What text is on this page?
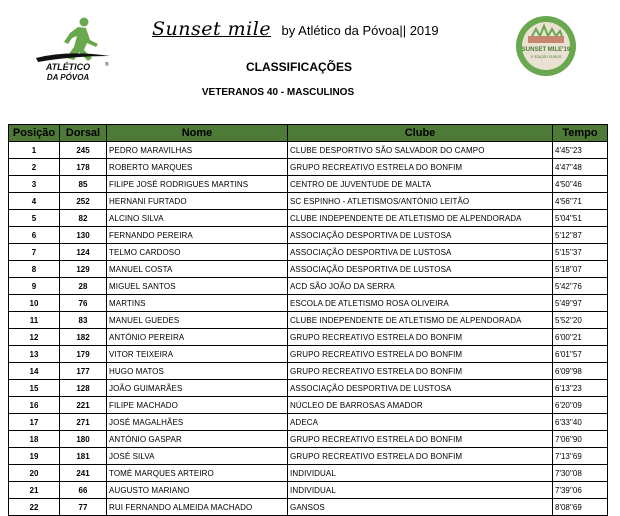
ATLÉTICO
DA PÓVOA
®
Sunset mile by Atlético da Póvoa|| 2019
CLASSIFICAÇÕES
SUNSET MILE'19
1ª EDIÇÃO EUROS
VETERANOS 40 - MASCULINOS
Posição	Dorsal	Nome	Clube	Tempo
1	245	PEDRO MARAVILHAS	CLUBE DESPORTIVO SÃO SALVADOR DO CAMPO	4'45''23
2	178	ROBERTO MARQUES	GRUPO RECREATIVO ESTRELA DO BONFIM	4'47''48
3	85	FILIPE JOSÉ RODRIGUES MARTINS	CENTRO DE JUVENTUDE DE MALTA	4'50''46
4	252	HERNANI FURTADO	SC ESPINHO - ATLETISMOS/ANTÓNIO LEITÃO	4'56''71
5	82	ALCINO SILVA	CLUBE INDEPENDENTE DE ATLETISMO DE ALPENDORADA	5'04''51
6	130	FERNANDO PEREIRA	ASSOCIAÇÃO DESPORTIVA DE LUSTOSA	5'12''87
7	124	TELMO CARDOSO	ASSOCIAÇÃO DESPORTIVA DE LUSTOSA	5'15''37
8	129	MANUEL COSTA	ASSOCIAÇÃO DESPORTIVA DE LUSTOSA	5'18''07
9	28	MIGUEL SANTOS	ACD SÃO JOÃO DA SERRA	5'42''76
10	76	MARTINS	ESCOLA DE ATLETISMO ROSA OLIVEIRA	5'49''97
11	83	MANUEL GUEDES	CLUBE INDEPENDENTE DE ATLETISMO DE ALPENDORADA	5'52''20
12	182	ANTÓNIO PEREIRA	GRUPO RECREATIVO ESTRELA DO BONFIM	6'00''21
13	179	VITOR TEIXEIRA	GRUPO RECREATIVO ESTRELA DO BONFIM	6'01''57
14	177	HUGO MATOS	GRUPO RECREATIVO ESTRELA DO BONFIM	6'09''98
15	128	JOÃO GUIMARÃES	ASSOCIAÇÃO DESPORTIVA DE LUSTOSA	6'13''23
16	221	FILIPE MACHADO	NÚCLEO DE BARROSAS AMADOR	6'20''09
17	271	JOSÉ MAGALHÃES	ADECA	6'33''40
18	180	ANTÓNIO GASPAR	GRUPO RECREATIVO ESTRELA DO BONFIM	7'06''90
19	181	JOSÉ SILVA	GRUPO RECREATIVO ESTRELA DO BONFIM	7'13''69
20	241	TOMÉ MARQUES ARTEIRO	INDIVIDUAL	7'30''08
21	66	AUGUSTO MARIANO	INDIVIDUAL	7'39''06
22	77	RUI FERNANDO ALMEIDA MACHADO	GANSOS	8'08''69
